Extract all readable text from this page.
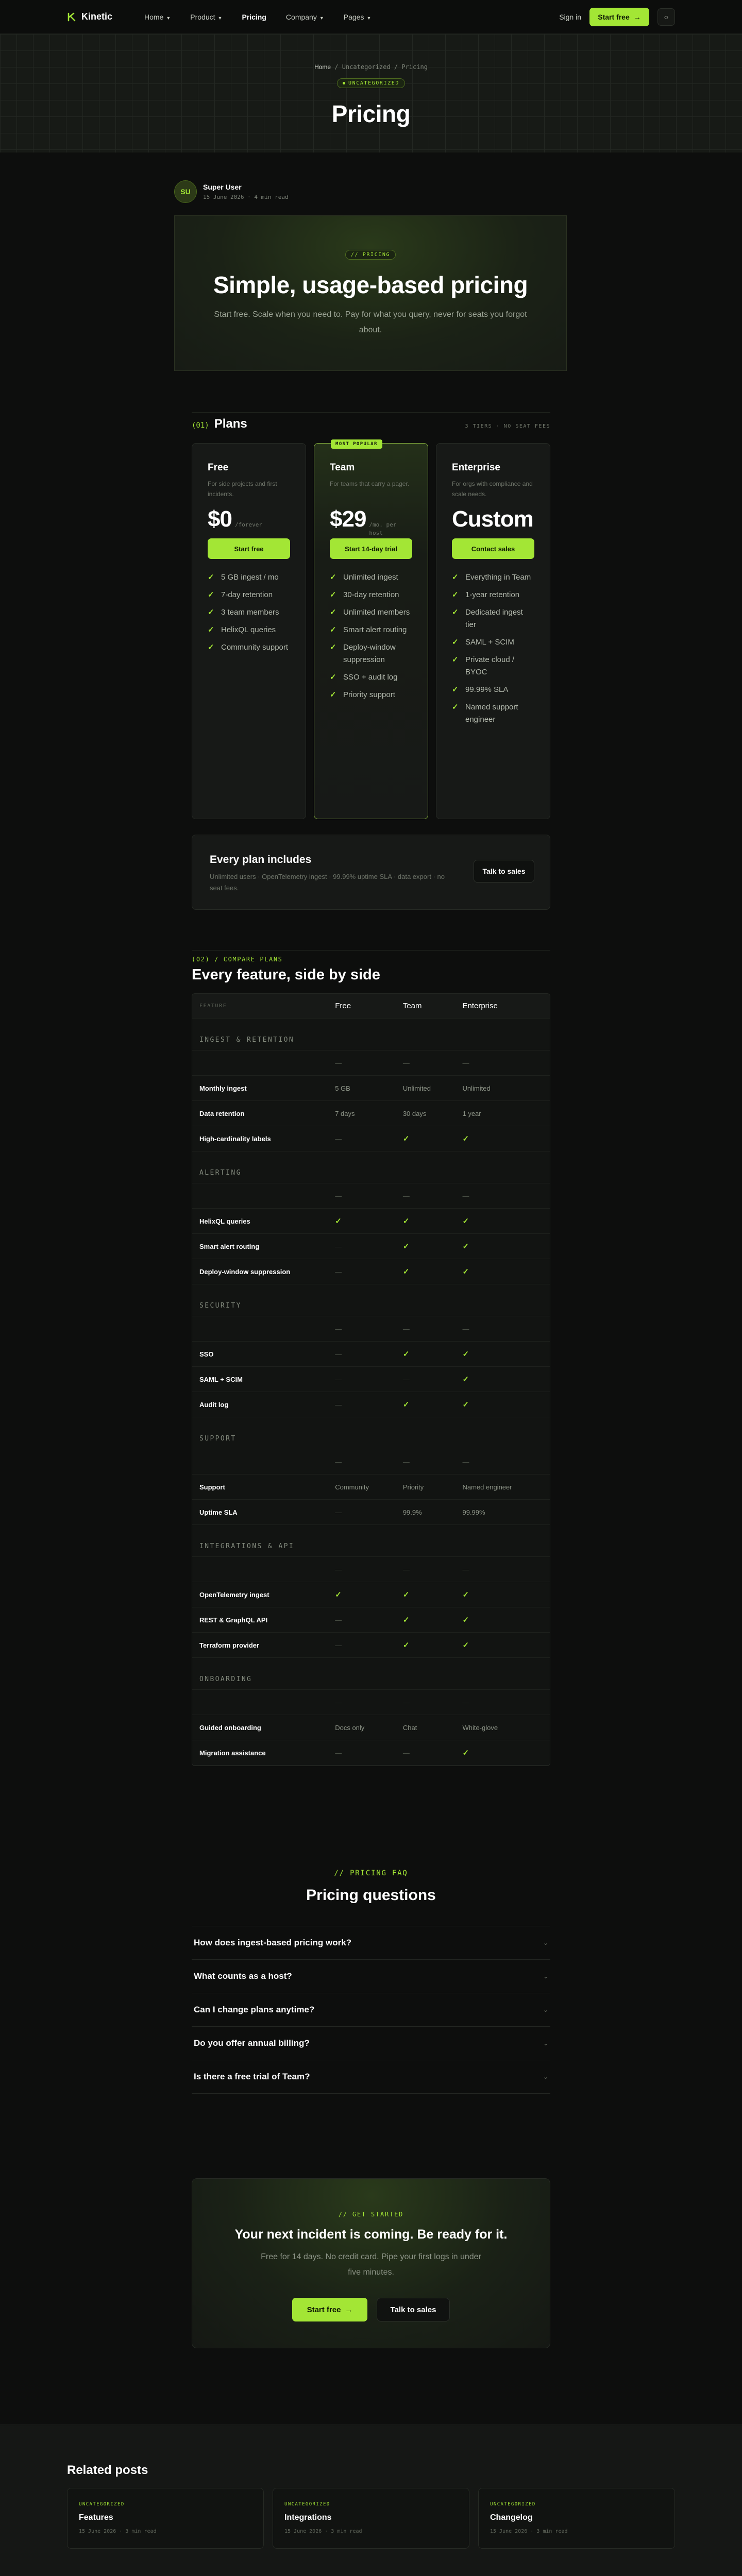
Kinetic	Home ▼	Product ▼	Pricing	Company ▼	Pages ▼	Sign in Start free →	☼
Home / Uncategorized / Pricing
UNCATEGORIZED
Pricing
SU
Super User
15 June 2026 · 4 min read
// PRICING
Simple, usage-based pricing

Start free. Scale when you need to. Pay for what you query, never for seats you forgot about.

(01) Plans	3 TIERS · NO SEAT FEES
Free
For side projects and first incidents.
$0 /forever
Start free
✓ 5 GB ingest / mo
✓ 7-day retention
✓ 3 team members
✓ HelixQL queries
✓ Community support
MOST POPULAR
Team
For teams that carry a pager.
$29 /mo. per host
Start 14-day trial
✓ Unlimited ingest
✓ 30-day retention
✓ Unlimited members
✓ Smart alert routing
✓ Deploy-window suppression
✓ SSO + audit log
✓ Priority support
Enterprise
For orgs with compliance and scale needs.
Custom
Contact sales
✓ Everything in Team
✓ 1-year retention
✓ Dedicated ingest tier
✓ SAML + SCIM
✓ Private cloud / BYOC
✓ 99.99% SLA
✓ Named support engineer
Every plan includes
Unlimited users · OpenTelemetry ingest · 99.99% uptime SLA · data export · no seat fees.
Talk to sales
(02) / COMPARE PLANS
Every feature, side by side
FEATURE	Free	Team	Enterprise
INGEST & RETENTION
—	—	—
Monthly ingest	5 GB	Unlimited	Unlimited
Data retention	7 days	30 days	1 year
High-cardinality labels	—	✓	✓
ALERTING
—	—	—
HelixQL queries	✓	✓	✓
Smart alert routing	—	✓	✓
Deploy-window suppression	—	✓	✓
SECURITY
—	—	—
SSO	—	✓	✓
SAML + SCIM	—	—	✓
Audit log	—	✓	✓
SUPPORT
—	—	—
Support	Community	Priority	Named engineer
Uptime SLA	—	99.9%	99.99%
INTEGRATIONS & API
—	—	—
OpenTelemetry ingest	✓	✓	✓
REST & GraphQL API	—	✓	✓
Terraform provider	—	✓	✓
ONBOARDING
—	—	—
Guided onboarding	Docs only	Chat	White-glove
Migration assistance	—	—	✓
// PRICING FAQ
Pricing questions
How does ingest-based pricing work?	⌄
What counts as a host?	⌄
Can I change plans anytime?	⌄
Do you offer annual billing?	⌄
Is there a free trial of Team?	⌄
// GET STARTED
Your next incident is coming. Be ready for it.
Free for 14 days. No credit card. Pipe your first logs in under five minutes.
Start free →	Talk to sales
Related posts
UNCATEGORIZED
Features
15 June 2026 · 3 min read
UNCATEGORIZED
Integrations
15 June 2026 · 3 min read
UNCATEGORIZED
Changelog
15 June 2026 · 3 min read
